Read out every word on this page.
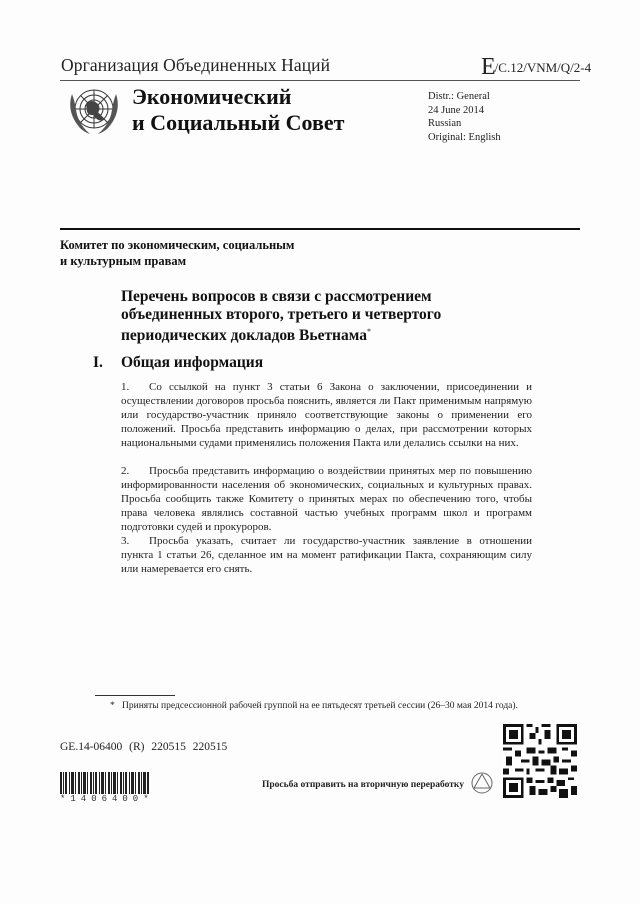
Организация Объединенных Наций	E/C.12/VNM/Q/2-4
Экономический
и Социальный Совет
Distr.: General
24 June 2014
Russian
Original: English
Комитет по экономическим, социальным
и культурным правам
Перечень вопросов в связи с рассмотрением
объединенных второго, третьего и четвертого
периодических докладов Вьетнама*
I. Общая информация
1. Со ссылкой на пункт 3 статьи 6 Закона о заключении, присоединении и осуществлении договоров просьба пояснить, является ли Пакт применимым напрямую или государство-участник приняло соответствующие законы о применении его положений. Просьба представить информацию о делах, при рассмотрении которых национальными судами применялись положения Пакта или делались ссылки на них.
2. Просьба представить информацию о воздействии принятых мер по повышению информированности населения об экономических, социальных и культурных правах. Просьба сообщить также Комитету о принятых мерах по обеспечению того, чтобы права человека являлись составной частью учебных программ школ и программ подготовки судей и прокуроров.
3. Просьба указать, считает ли государство-участник заявление в отношении пункта 1 статьи 26, сделанное им на момент ратификации Пакта, сохраняющим силу или намеревается его снять.
* Приняты предсессионной рабочей группой на ее пятьдесят третьей сессии (26–30 мая 2014 года).
GE.14-06400 (R) 220515 220515
*1406400*
Просьба отправить на вторичную переработку
